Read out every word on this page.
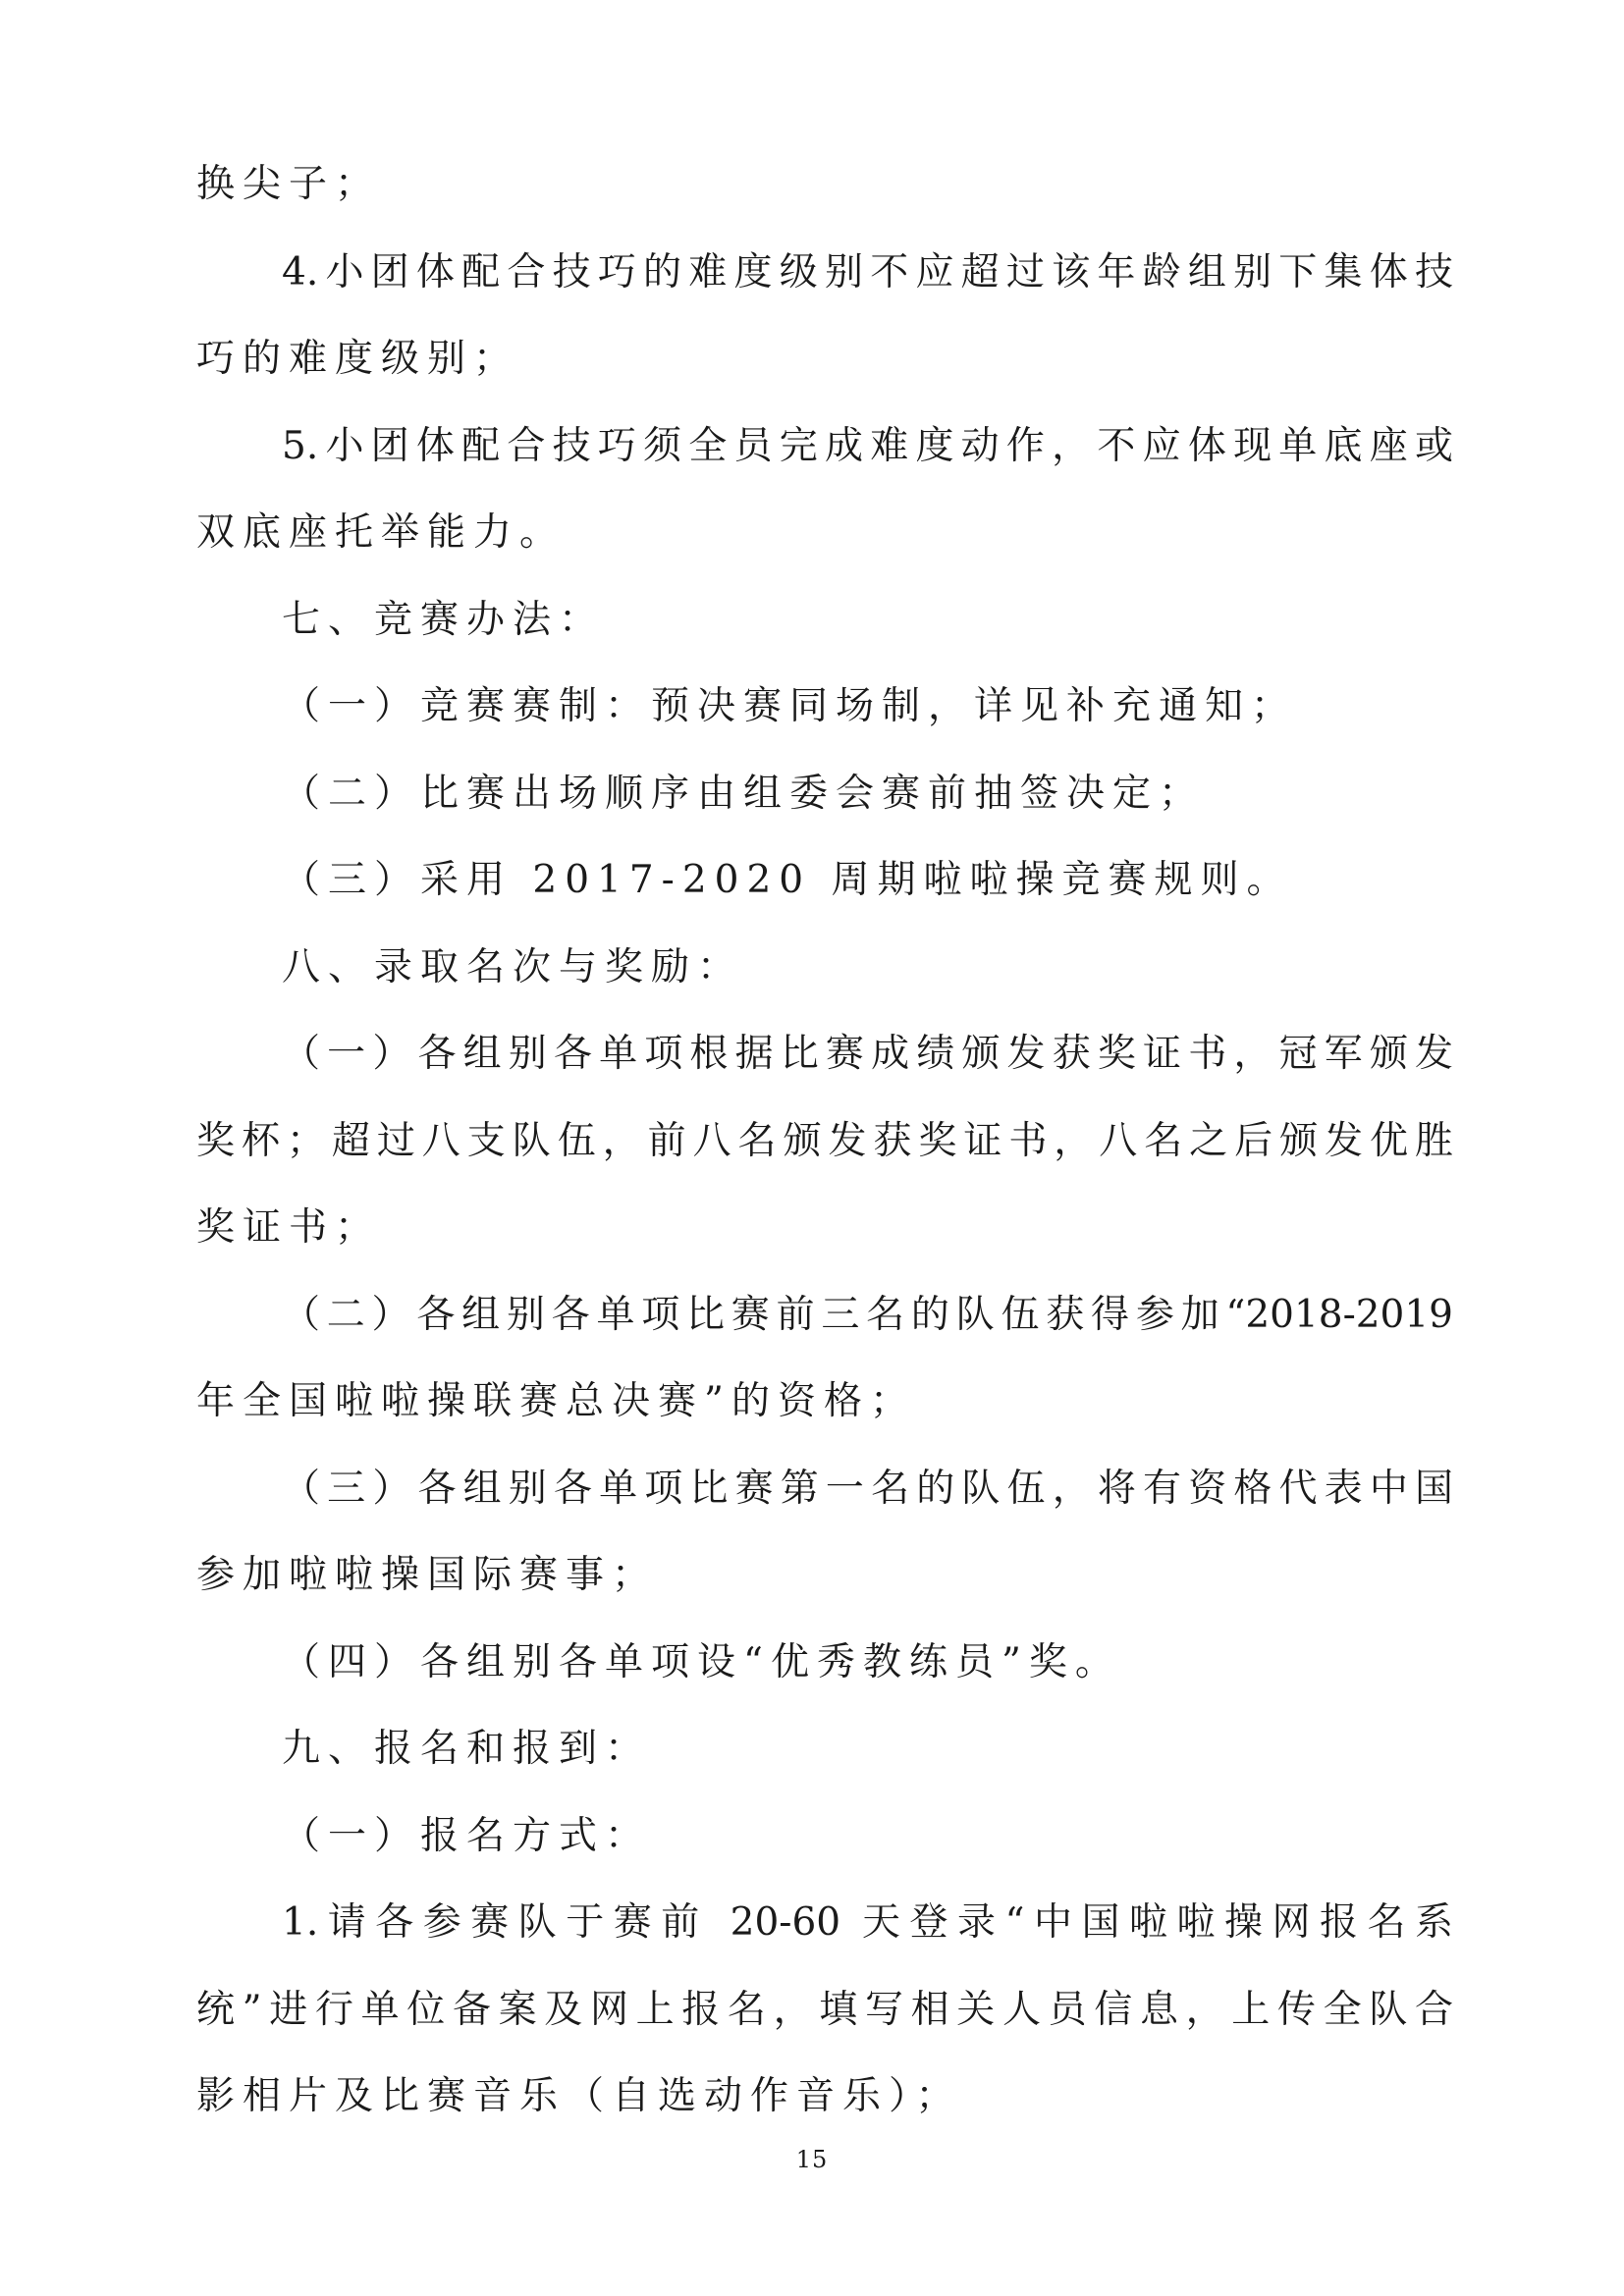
换尖子；
4.小团体配合技巧的难度级别不应超过该年龄组别下集体技
巧的难度级别；
5.小团体配合技巧须全员完成难度动作，不应体现单底座或
双底座托举能力。
七、竞赛办法：
（一）竞赛赛制：预决赛同场制，详见补充通知；
（二）比赛出场顺序由组委会赛前抽签决定；
（三）采用 2017-2020 周期啦啦操竞赛规则。
八、录取名次与奖励：
（一）各组别各单项根据比赛成绩颁发获奖证书，冠军颁发
奖杯；超过八支队伍，前八名颁发获奖证书，八名之后颁发优胜
奖证书；
（二）各组别各单项比赛前三名的队伍获得参加“2018-2019
年全国啦啦操联赛总决赛”的资格；
（三）各组别各单项比赛第一名的队伍，将有资格代表中国
参加啦啦操国际赛事；
（四）各组别各单项设“优秀教练员”奖。
九、报名和报到：
（一）报名方式：
1.请各参赛队于赛前 20-60 天登录“中国啦啦操网报名系
统”进行单位备案及网上报名，填写相关人员信息，上传全队合
影相片及比赛音乐（自选动作音乐）；
15
